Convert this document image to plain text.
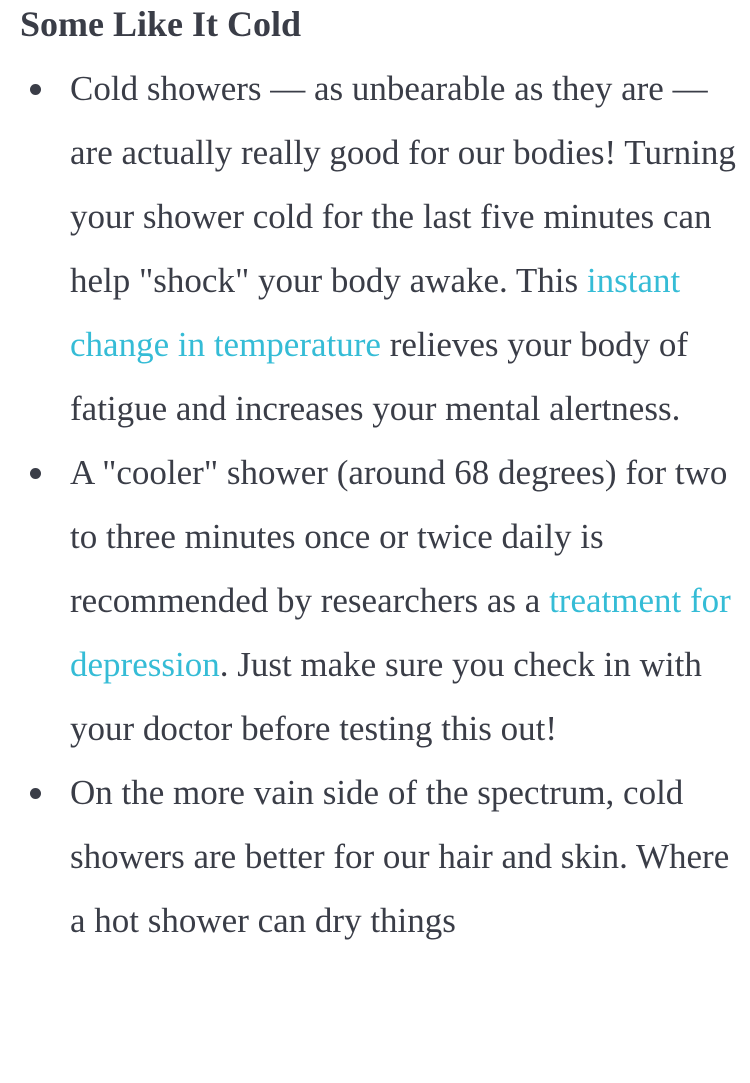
Some Like It Cold
Cold showers — as unbearable as they are — are actually really good for our bodies! Turning your shower cold for the last five minutes can help "shock" your body awake. This instant change in temperature relieves your body of fatigue and increases your mental alertness.
A "cooler" shower (around 68 degrees) for two to three minutes once or twice daily is recommended by researchers as a treatment for depression. Just make sure you check in with your doctor before testing this out!
On the more vain side of the spectrum, cold showers are better for our hair and skin. Where a hot shower can dry things
